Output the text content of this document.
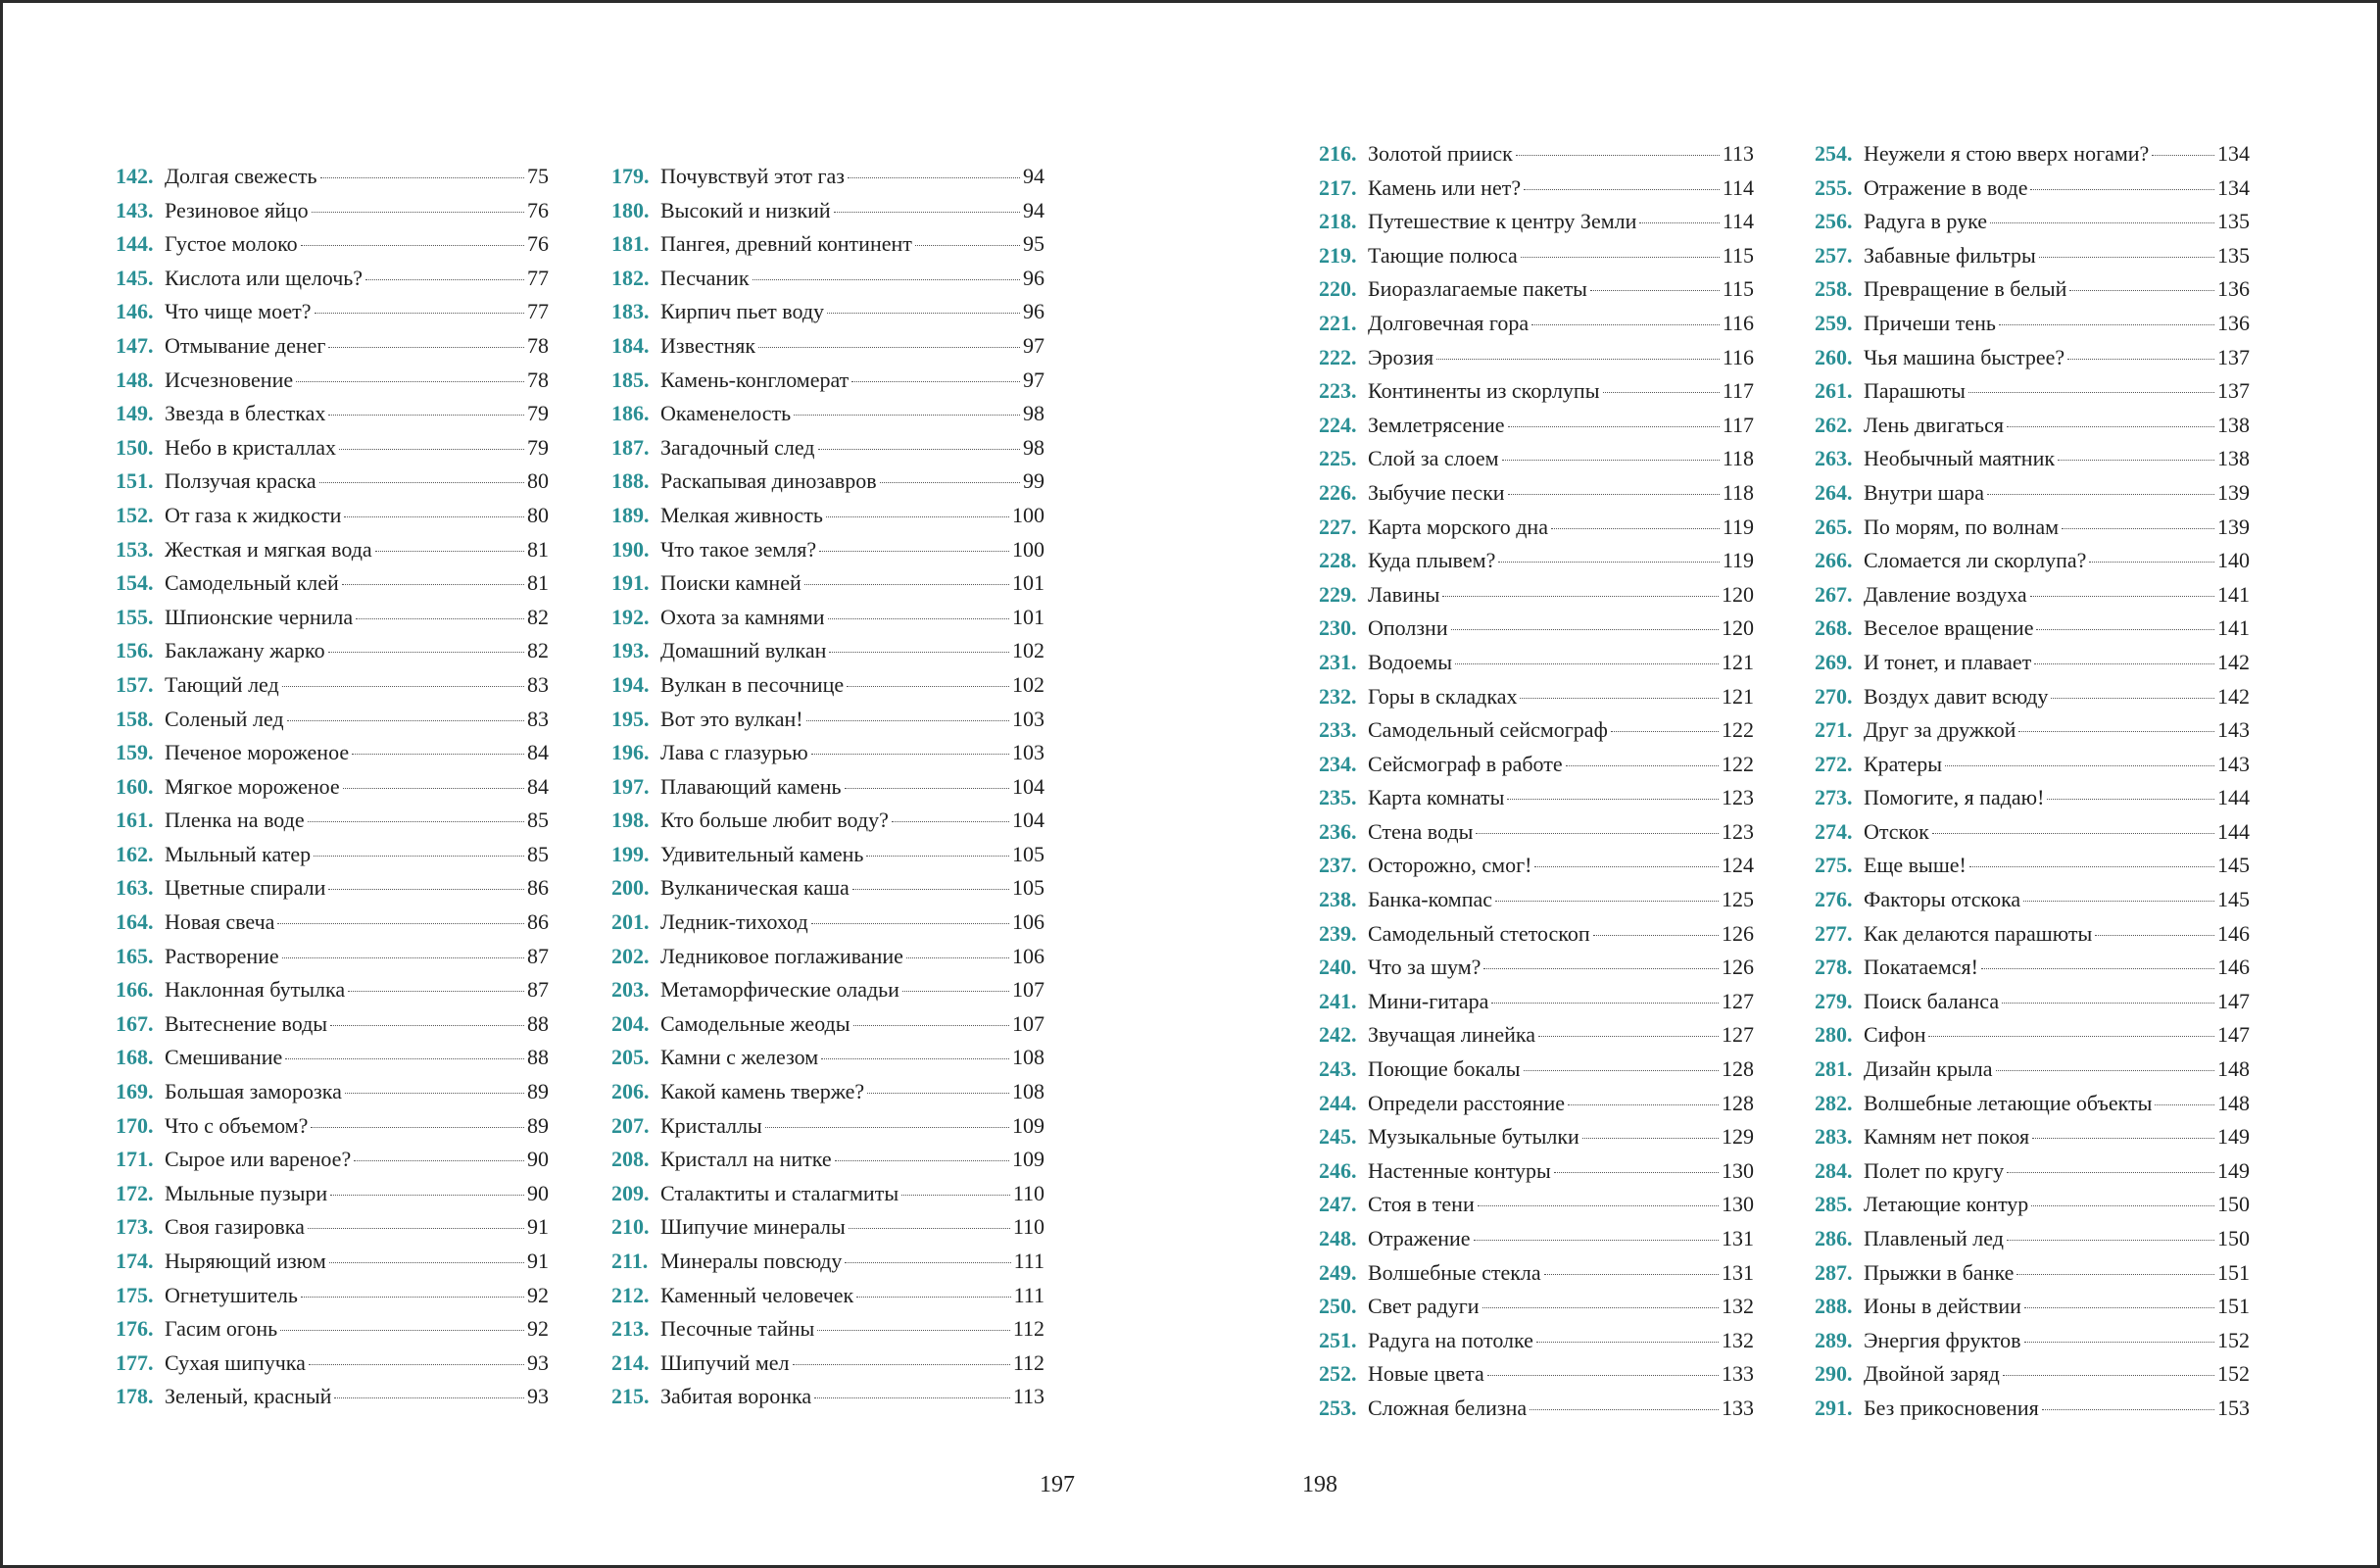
142. Долгая свежесть	75
143. Резиновое яйцо	76
144. Густое молоко	76
145. Кислота или щелочь?	77
146. Что чище моет?	77
147. Отмывание денег	78
148. Исчезновение	78
149. Звезда в блестках	79
150. Небо в кристаллах	79
151. Ползучая краска	80
152. От газа к жидкости	80
153. Жесткая и мягкая вода	81
154. Самодельный клей	81
155. Шпионские чернила	82
156. Баклажану жарко	82
157. Тающий лед	83
158. Соленый лед	83
159. Печеное мороженое	84
160. Мягкое мороженое	84
161. Пленка на воде	85
162. Мыльный катер	85
163. Цветные спирали	86
164. Новая свеча	86
165. Растворение	87
166. Наклонная бутылка	87
167. Вытеснение воды	88
168. Смешивание	88
169. Большая заморозка	89
170. Что с объемом?	89
171. Сырое или вареное?	90
172. Мыльные пузыри	90
173. Своя газировка	91
174. Ныряющий изюм	91
175. Огнетушитель	92
176. Гасим огонь	92
177. Сухая шипучка	93
178. Зеленый, красный	93
179. Почувствуй этот газ	94
180. Высокий и низкий	94
181. Пангея, древний континент	95
182. Песчаник	96
183. Кирпич пьет воду	96
184. Известняк	97
185. Камень-конгломерат	97
186. Окаменелость	98
187. Загадочный след	98
188. Раскапывая динозавров	99
189. Мелкая живность	100
190. Что такое земля?	100
191. Поиски камней	101
192. Охота за камнями	101
193. Домашний вулкан	102
194. Вулкан в песочнице	102
195. Вот это вулкан!	103
196. Лава с глазурью	103
197. Плавающий камень	104
198. Кто больше любит воду?	104
199. Удивительный камень	105
200. Вулканическая каша	105
201. Ледник-тихоход	106
202. Ледниковое поглаживание	106
203. Метаморфические оладьи	107
204. Самодельные жеоды	107
205. Камни с железом	108
206. Какой камень тверже?	108
207. Кристаллы	109
208. Кристалл на нитке	109
209. Сталактиты и сталагмиты	110
210. Шипучие минералы	110
211. Минералы повсюду	111
212. Каменный человечек	111
213. Песочные тайны	112
214. Шипучий мел	112
215. Забитая воронка	113
216. Золотой прииск	113
217. Камень или нет?	114
218. Путешествие к центру Земли	114
219. Тающие полюса	115
220. Биоразлагаемые пакеты	115
221. Долговечная гора	116
222. Эрозия	116
223. Континенты из скорлупы	117
224. Землетрясение	117
225. Слой за слоем	118
226. Зыбучие пески	118
227. Карта морского дна	119
228. Куда плывем?	119
229. Лавины	120
230. Оползни	120
231. Водоемы	121
232. Горы в складках	121
233. Самодельный сейсмограф	122
234. Сейсмограф в работе	122
235. Карта комнаты	123
236. Стена воды	123
237. Осторожно, смог!	124
238. Банка-компас	125
239. Самодельный стетоскоп	126
240. Что за шум?	126
241. Мини-гитара	127
242. Звучащая линейка	127
243. Поющие бокалы	128
244. Определи расстояние	128
245. Музыкальные бутылки	129
246. Настенные контуры	130
247. Стоя в тени	130
248. Отражение	131
249. Волшебные стекла	131
250. Свет радуги	132
251. Радуга на потолке	132
252. Новые цвета	133
253. Сложная белизна	133
254. Неужели я стою вверх ногами?	134
255. Отражение в воде	134
256. Радуга в руке	135
257. Забавные фильтры	135
258. Превращение в белый	136
259. Причеши тень	136
260. Чья машина быстрее?	137
261. Парашюты	137
262. Лень двигаться	138
263. Необычный маятник	138
264. Внутри шара	139
265. По морям, по волнам	139
266. Сломается ли скорлупа?	140
267. Давление воздуха	141
268. Веселое вращение	141
269. И тонет, и плавает	142
270. Воздух давит всюду	142
271. Друг за дружкой	143
272. Кратеры	143
273. Помогите, я падаю!	144
274. Отскок	144
275. Еще выше!	145
276. Факторы отскока	145
277. Как делаются парашюты	146
278. Покатаемся!	146
279. Поиск баланса	147
280. Сифон	147
281. Дизайн крыла	148
282. Волшебные летающие объекты	148
283. Камням нет покоя	149
284. Полет по кругу	149
285. Летающие контур	150
286. Плавленый лед	150
287. Прыжки в банке	151
288. Ионы в действии	151
289. Энергия фруктов	152
290. Двойной заряд	152
291. Без прикосновения	153
197	198
